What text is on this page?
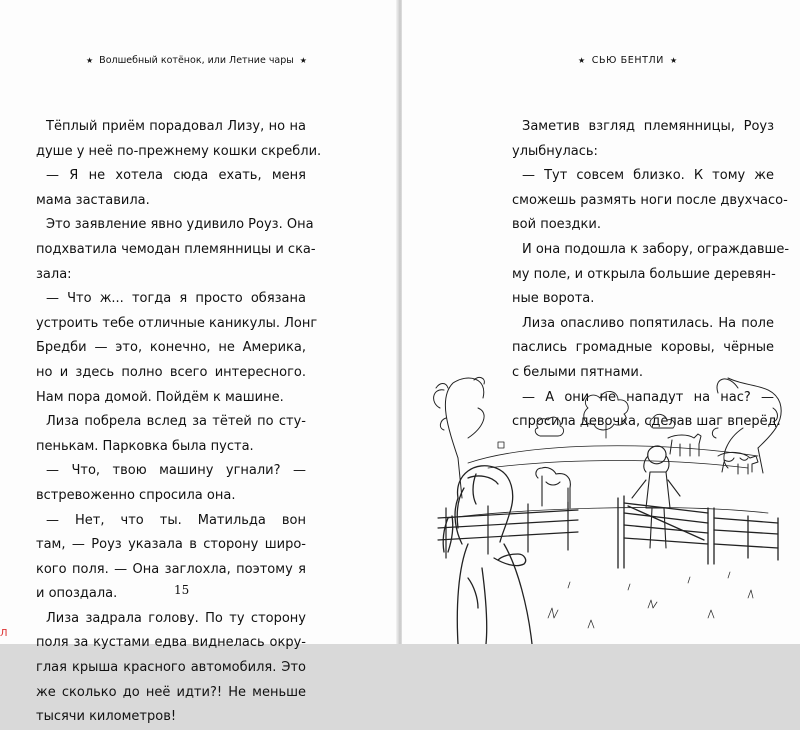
★ Волшебный котёнок, или Летние чары ★
Тёплый приём порадовал Лизу, но на
душе у неё по-прежнему кошки скребли.
— Я не хотела сюда ехать, меня
мама заставила.
Это заявление явно удивило Роуз. Она
подхватила чемодан племянницы и ска-
зала:
— Что ж... тогда я просто обязана
устроить тебе отличные каникулы. Лонг
Бредби — это, конечно, не Америка,
но и здесь полно всего интересного.
Нам пора домой. Пойдём к машине.
Лиза побрела вслед за тётей по сту-
пенькам. Парковка была пуста.
— Что, твою машину угнали? —
встревоженно спросила она.
— Нет, что ты. Матильда вон
там, — Роуз указала в сторону широ-
кого поля. — Она заглохла, поэтому я
и опоздала.
Лиза задрала голову. По ту сторону
поля за кустами едва виднелась окру-
глая крыша красного автомобиля. Это
же сколько до неё идти?! Не меньше
тысячи километров!
15
★ СЬЮ БЕНТЛИ ★
Заметив взгляд племянницы, Роуз
улыбнулась:
— Тут совсем близко. К тому же
сможешь размять ноги после двухчасо-
вой поездки.
И она подошла к забору, ограждавше-
му поле, и открыла большие деревян-
ные ворота.
Лиза опасливо попятилась. На поле
паслись громадные коровы, чёрные
с белыми пятнами.
— А они не нападут на нас? —
спросила девочка, сделав шаг вперёд.
Л
